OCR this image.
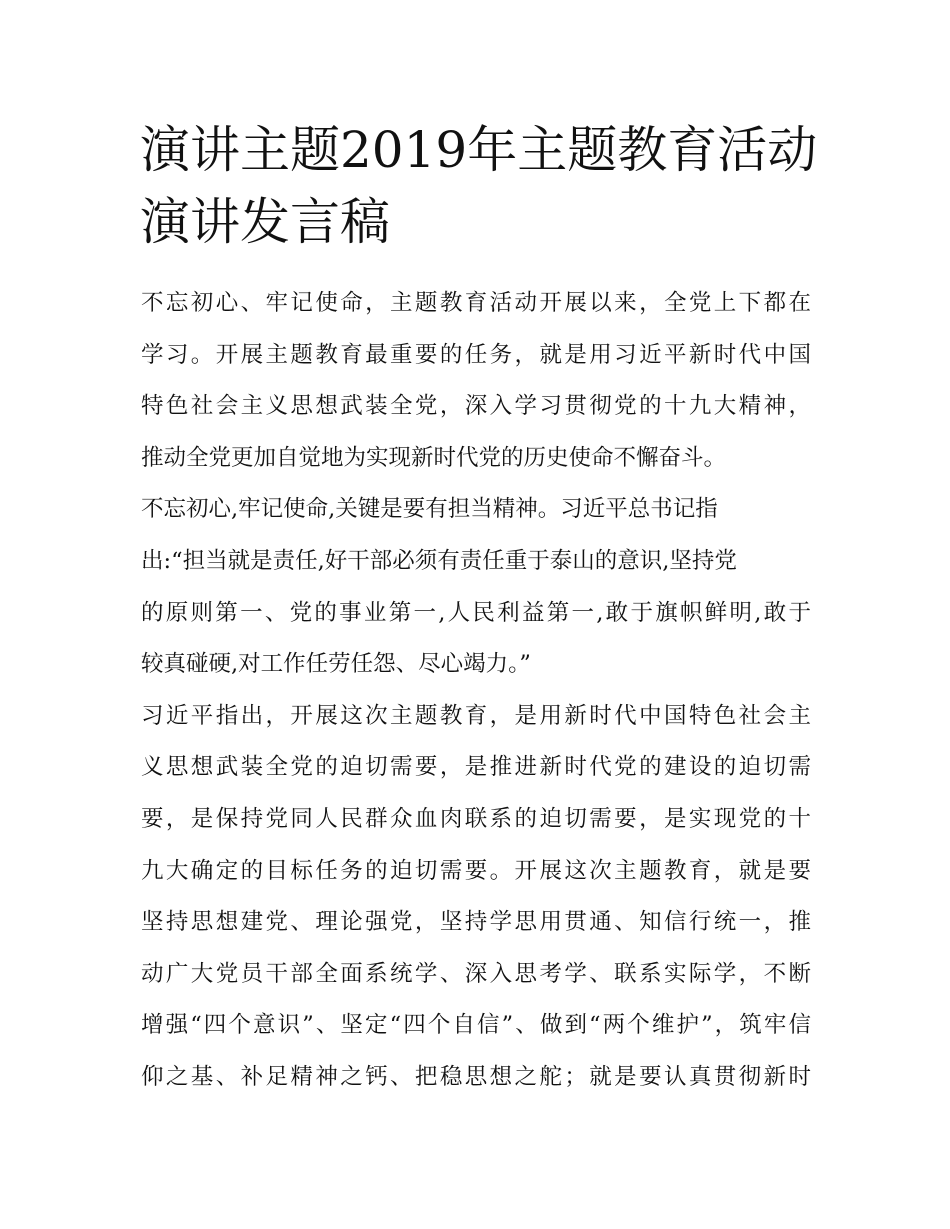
演讲主题2019年主题教育活动
演讲发言稿
不忘初心、牢记使命，主题教育活动开展以来，全党上下都在
学习。开展主题教育最重要的任务，就是用习近平新时代中国
特色社会主义思想武装全党，深入学习贯彻党的十九大精神，
推动全党更加自觉地为实现新时代党的历史使命不懈奋斗。
不忘初心,牢记使命,关键是要有担当精神。习近平总书记指
出:“担当就是责任,好干部必须有责任重于泰山的意识,坚持党
的原则第一、党的事业第一,人民利益第一,敢于旗帜鲜明,敢于
较真碰硬,对工作任劳任怨、尽心竭力。”
习近平指出，开展这次主题教育，是用新时代中国特色社会主
义思想武装全党的迫切需要，是推进新时代党的建设的迫切需
要，是保持党同人民群众血肉联系的迫切需要，是实现党的十
九大确定的目标任务的迫切需要。开展这次主题教育，就是要
坚持思想建党、理论强党，坚持学思用贯通、知信行统一，推
动广大党员干部全面系统学、深入思考学、联系实际学，不断
增强“四个意识”、坚定“四个自信”、做到“两个维护”，筑牢信
仰之基、补足精神之钙、把稳思想之舵；就是要认真贯彻新时
